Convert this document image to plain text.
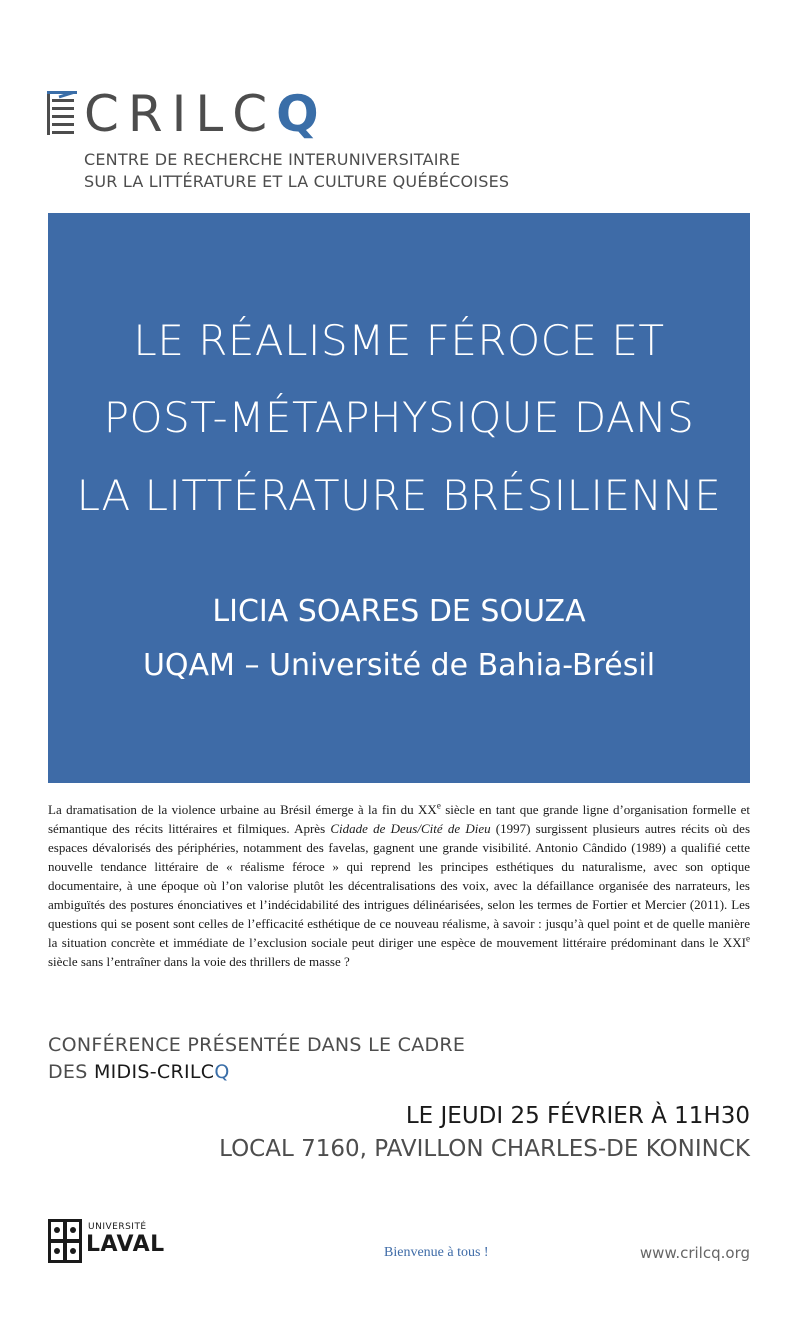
CRILCQ
CENTRE DE RECHERCHE INTERUNIVERSITAIRE
SUR LA LITTÉRATURE ET LA CULTURE QUÉBÉCOISES
LE RÉALISME FÉROCE ET
POST-MÉTAPHYSIQUE DANS
LA LITTÉRATURE BRÉSILIENNE
LICIA SOARES DE SOUZA
UQAM – Université de Bahia-Brésil
La dramatisation de la violence urbaine au Brésil émerge à la fin du XXe siècle en tant que grande ligne d’organisation formelle et sémantique des récits littéraires et filmiques. Après Cidade de Deus/Cité de Dieu (1997) surgissent plusieurs autres récits où des espaces dévalorisés des périphéries, notamment des favelas, gagnent une grande visibilité. Antonio Cândido (1989) a qualifié cette nouvelle tendance littéraire de « réalisme féroce » qui reprend les principes esthétiques du naturalisme, avec son optique documentaire, à une époque où l’on valorise plutôt les décentralisations des voix, avec la défaillance organisée des narrateurs, les ambiguïtés des postures énonciatives et l’indécidabilité des intrigues délinéarisées, selon les termes de Fortier et Mercier (2011). Les questions qui se posent sont celles de l’efficacité esthétique de ce nouveau réalisme, à savoir : jusqu’à quel point et de quelle manière la situation concrète et immédiate de l’exclusion sociale peut diriger une espèce de mouvement littéraire prédominant dans le XXIe siècle sans l’entraîner dans la voie des thrillers de masse ?
CONFÉRENCE PRÉSENTÉE DANS LE CADRE
DES MIDIS-CRILCQ
LE JEUDI 25 FÉVRIER À 11H30
LOCAL 7160, PAVILLON CHARLES-DE KONINCK
UNIVERSITÉ
LAVAL	Bienvenue à tous !	www.crilcq.org
